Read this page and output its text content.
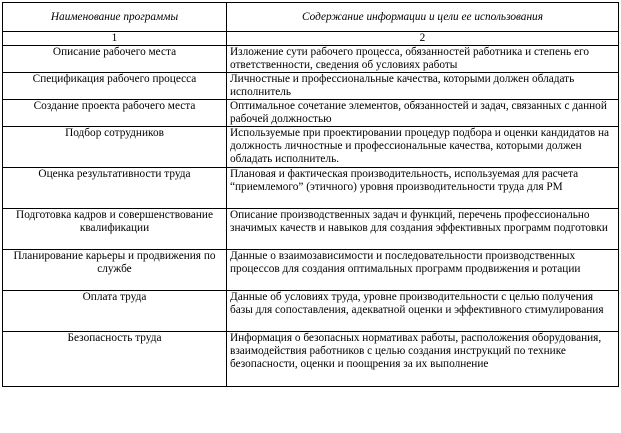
Наименование программы	Содержание информации и цели ее использования
1	2
Описание рабочего места	Изложение сути рабочего процесса, обязанностей работника и степень его ответственности, сведения об условиях работы
Спецификация рабочего процесса	Личностные и профессиональные качества, которыми должен обладать исполнитель
Создание проекта рабочего места	Оптимальное сочетание элементов, обязанностей и задач, связанных с данной рабочей должностью
Подбор сотрудников	Используемые при проектировании процедур подбора и оценки кандидатов на должность личностные и профессиональные качества, которыми должен обладать исполнитель.
Оценка результативности труда	Плановая и фактическая производительность, используемая для расчета “приемлемого” (этичного) уровня производительности труда для РМ
Подготовка кадров и совершенствование квалификации	Описание производственных задач и функций, перечень профессионально значимых качеств и навыков для создания эффективных программ подготовки
Планирование карьеры и продвижения по службе	Данные о взаимозависимости и последовательности производственных процессов для создания оптимальных программ продвижения и ротации
Оплата труда	Данные об условиях труда, уровне производительности с целью получения базы для сопоставления, адекватной оценки и эффективного стимулирования
Безопасность труда	Информация о безопасных нормативах работы, расположения оборудования, взаимодействия работников с целью создания инструкций по технике безопасности, оценки и поощрения за их выполнение
